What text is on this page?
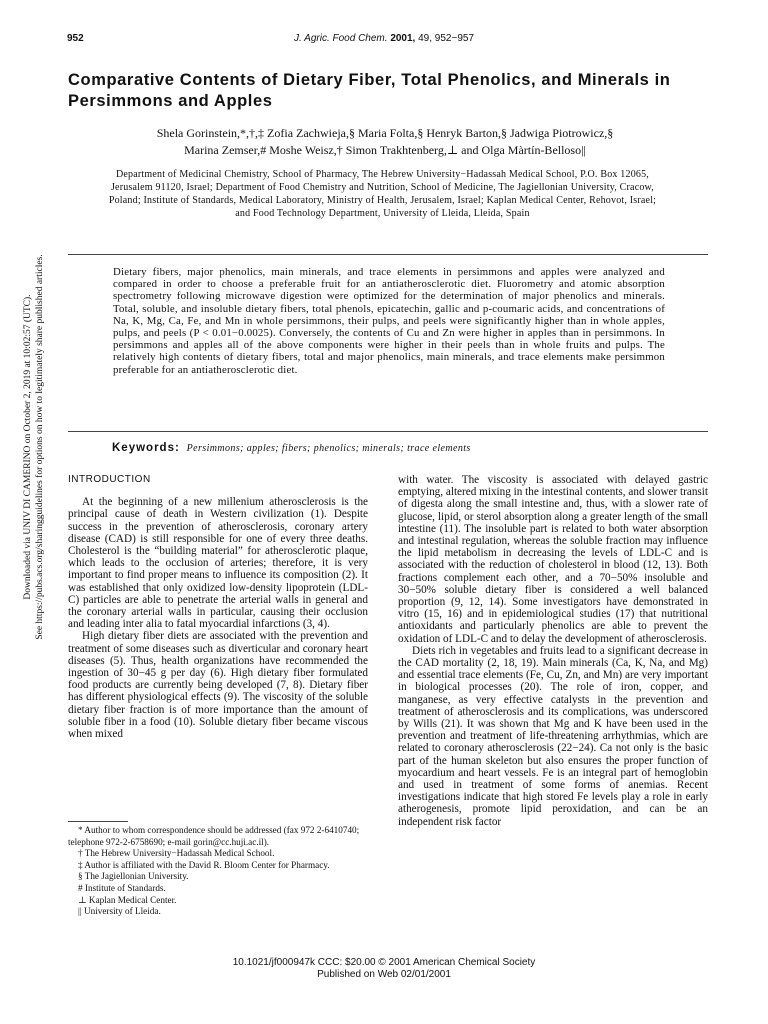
952	J. Agric. Food Chem. 2001, 49, 952−957
Comparative Contents of Dietary Fiber, Total Phenolics, and Minerals in Persimmons and Apples
Shela Gorinstein,*,†,‡ Zofia Zachwieja,§ Maria Folta,§ Henryk Barton,§ Jadwiga Piotrowicz,§
Marina Zemser,# Moshe Weisz,† Simon Trakhtenberg,⊥ and Olga Màrtín-Belloso||
Department of Medicinal Chemistry, School of Pharmacy, The Hebrew University−Hadassah Medical School, P.O. Box 12065, Jerusalem 91120, Israel; Department of Food Chemistry and Nutrition, School of Medicine, The Jagiellonian University, Cracow, Poland; Institute of Standards, Medical Laboratory, Ministry of Health, Jerusalem, Israel; Kaplan Medical Center, Rehovot, Israel; and Food Technology Department, University of Lleida, Lleida, Spain
Dietary fibers, major phenolics, main minerals, and trace elements in persimmons and apples were analyzed and compared in order to choose a preferable fruit for an antiatherosclerotic diet. Fluorometry and atomic absorption spectrometry following microwave digestion were optimized for the determination of major phenolics and minerals. Total, soluble, and insoluble dietary fibers, total phenols, epicatechin, gallic and p-coumaric acids, and concentrations of Na, K, Mg, Ca, Fe, and Mn in whole persimmons, their pulps, and peels were significantly higher than in whole apples, pulps, and peels (P < 0.01−0.0025). Conversely, the contents of Cu and Zn were higher in apples than in persimmons. In persimmons and apples all of the above components were higher in their peels than in whole fruits and pulps. The relatively high contents of dietary fibers, total and major phenolics, main minerals, and trace elements make persimmon preferable for an antiatherosclerotic diet.
Keywords: Persimmons; apples; fibers; phenolics; minerals; trace elements
INTRODUCTION

At the beginning of a new millenium atherosclerosis is the principal cause of death in Western civilization (1). Despite success in the prevention of atherosclerosis, coronary artery disease (CAD) is still responsible for one of every three deaths. Cholesterol is the “building material” for atherosclerotic plaque, which leads to the occlusion of arteries; therefore, it is very important to find proper means to influence its composition (2). It was established that only oxidized low-density lipoprotein (LDL-C) particles are able to penetrate the arterial walls in general and the coronary arterial walls in particular, causing their occlusion and leading inter alia to fatal myocardial infarctions (3, 4).

High dietary fiber diets are associated with the prevention and treatment of some diseases such as diverticular and coronary heart diseases (5). Thus, health organizations have recommended the ingestion of 30−45 g per day (6). High dietary fiber formulated food products are currently being developed (7, 8). Dietary fiber has different physiological effects (9). The viscosity of the soluble dietary fiber fraction is of more importance than the amount of soluble fiber in a food (10). Soluble dietary fiber became viscous when mixed

with water. The viscosity is associated with delayed gastric emptying, altered mixing in the intestinal contents, and slower transit of digesta along the small intestine and, thus, with a slower rate of glucose, lipid, or sterol absorption along a greater length of the small intestine (11). The insoluble part is related to both water absorption and intestinal regulation, whereas the soluble fraction may influence the lipid metabolism in decreasing the levels of LDL-C and is associated with the reduction of cholesterol in blood (12, 13). Both fractions complement each other, and a 70−50% insoluble and 30−50% soluble dietary fiber is considered a well balanced proportion (9, 12, 14). Some investigators have demonstrated in vitro (15, 16) and in epidemiological studies (17) that nutritional antioxidants and particularly phenolics are able to prevent the oxidation of LDL-C and to delay the development of atherosclerosis.

Diets rich in vegetables and fruits lead to a significant decrease in the CAD mortality (2, 18, 19). Main minerals (Ca, K, Na, and Mg) and essential trace elements (Fe, Cu, Zn, and Mn) are very important in biological processes (20). The role of iron, copper, and manganese, as very effective catalysts in the prevention and treatment of atherosclerosis and its complications, was underscored by Wills (21). It was shown that Mg and K have been used in the prevention and treatment of life-threatening arrhythmias, which are related to coronary atherosclerosis (22−24). Ca not only is the basic part of the human skeleton but also ensures the proper function of myocardium and heart vessels. Fe is an integral part of hemoglobin and used in treatment of some forms of anemias. Recent investigations indicate that high stored Fe levels play a role in early atherogenesis, promote lipid peroxidation, and can be an independent risk factor

* Author to whom correspondence should be addressed (fax 972 2-6410740; telephone 972-2-6758690; e-mail gorin@cc.huji.ac.il).
† The Hebrew University−Hadassah Medical School.
‡ Author is affiliated with the David R. Bloom Center for Pharmacy.
§ The Jagiellonian University.
# Institute of Standards.
⊥ Kaplan Medical Center.
|| University of Lleida.
10.1021/jf000947k CCC: $20.00 © 2001 American Chemical Society
Published on Web 02/01/2001
Downloaded via UNIV DI CAMERINO on October 2, 2019 at 10:02:57 (UTC). See https://pubs.acs.org/sharingguidelines for options on how to legitimately share published articles.
